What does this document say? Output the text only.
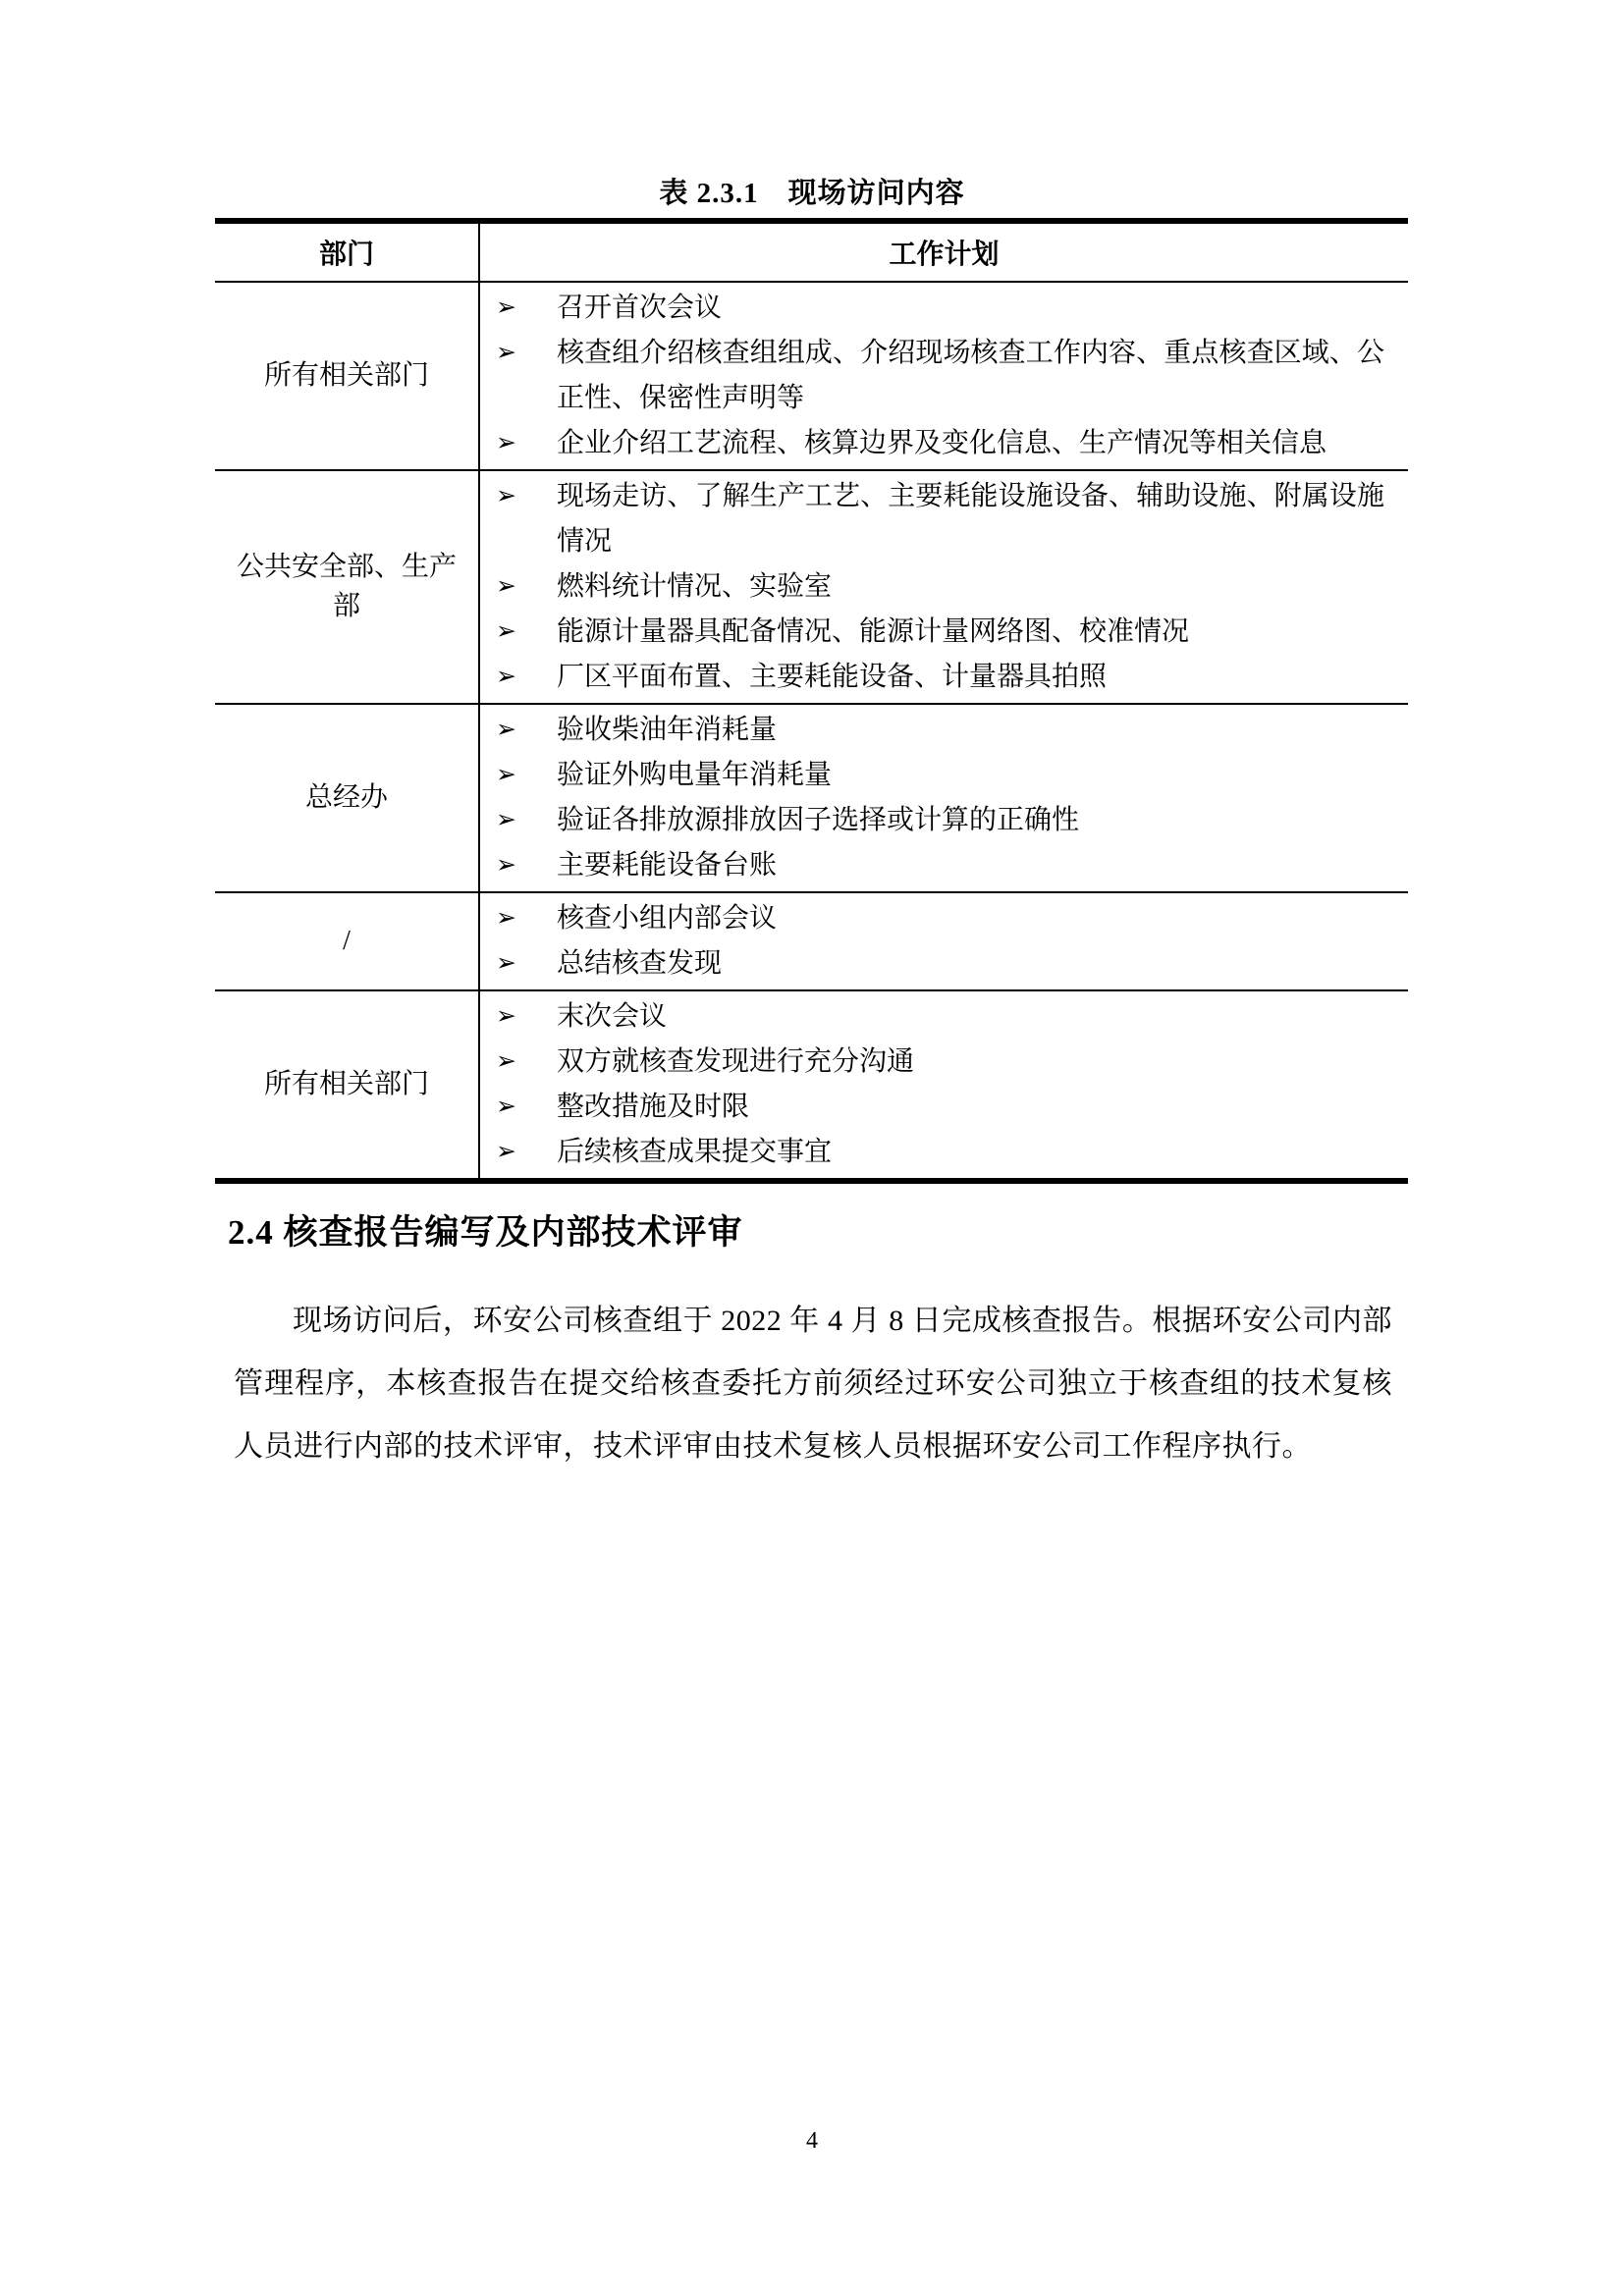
表 2.3.1　现场访问内容
部门	工作计划
所有相关部门	
➢	召开首次会议
➢	核查组介绍核查组组成、介绍现场核查工作内容、重点核查区域、公正性、保密性声明等
➢	企业介绍工艺流程、核算边界及变化信息、生产情况等相关信息

公共安全部、生产部	
➢	现场走访、了解生产工艺、主要耗能设施设备、辅助设施、附属设施情况
➢	燃料统计情况、实验室
➢	能源计量器具配备情况、能源计量网络图、校准情况
➢	厂区平面布置、主要耗能设备、计量器具拍照

总经办	
➢	验收柴油年消耗量
➢	验证外购电量年消耗量
➢	验证各排放源排放因子选择或计算的正确性
➢	主要耗能设备台账

/	
➢	核查小组内部会议
➢	总结核查发现

所有相关部门	
➢	末次会议
➢	双方就核查发现进行充分沟通
➢	整改措施及时限
➢	后续核查成果提交事宜
2.4 核查报告编写及内部技术评审
现场访问后，环安公司核查组于 2022 年 4 月 8 日完成核查报告。根据环安公司内部管理程序，本核查报告在提交给核查委托方前须经过环安公司独立于核查组的技术复核人员进行内部的技术评审，技术评审由技术复核人员根据环安公司工作程序执行。
4
